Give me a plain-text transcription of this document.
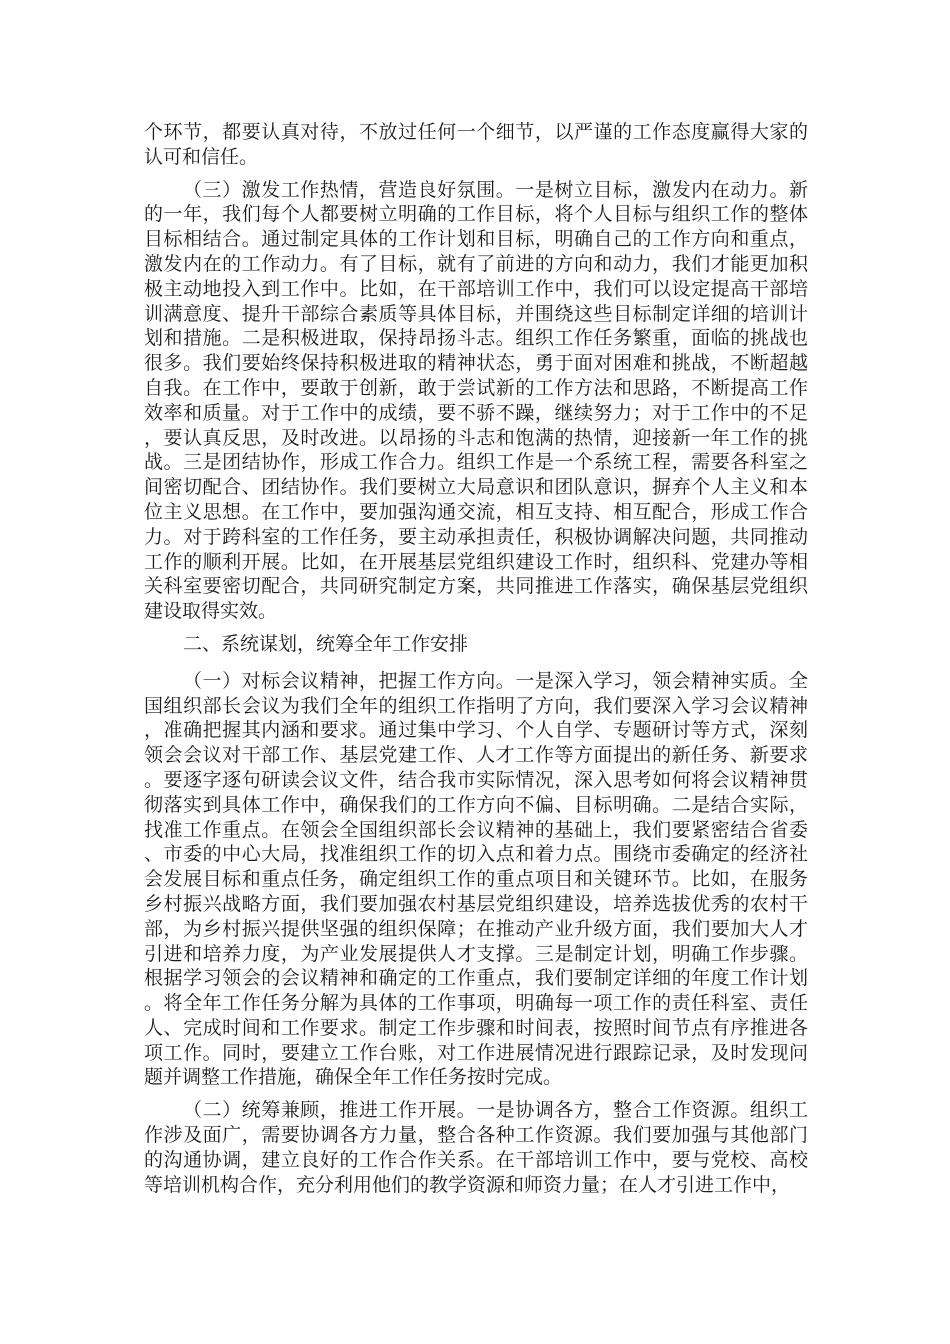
个环节，都要认真对待，不放过任何一个细节，以严谨的工作态度赢得大家的认可和信任。

（三）激发工作热情，营造良好氛围。一是树立目标，激发内在动力。新的一年，我们每个人都要树立明确的工作目标，将个人目标与组织工作的整体目标相结合。通过制定具体的工作计划和目标，明确自己的工作方向和重点，激发内在的工作动力。有了目标，就有了前进的方向和动力，我们才能更加积极主动地投入到工作中。比如，在干部培训工作中，我们可以设定提高干部培训满意度、提升干部综合素质等具体目标，并围绕这些目标制定详细的培训计划和措施。二是积极进取，保持昂扬斗志。组织工作任务繁重，面临的挑战也很多。我们要始终保持积极进取的精神状态，勇于面对困难和挑战，不断超越自我。在工作中，要敢于创新，敢于尝试新的工作方法和思路，不断提高工作效率和质量。对于工作中的成绩，要不骄不躁，继续努力；对于工作中的不足，要认真反思，及时改进。以昂扬的斗志和饱满的热情，迎接新一年工作的挑战。三是团结协作，形成工作合力。组织工作是一个系统工程，需要各科室之间密切配合、团结协作。我们要树立大局意识和团队意识，摒弃个人主义和本位主义思想。在工作中，要加强沟通交流，相互支持、相互配合，形成工作合力。对于跨科室的工作任务，要主动承担责任，积极协调解决问题，共同推动工作的顺利开展。比如，在开展基层党组织建设工作时，组织科、党建办等相关科室要密切配合，共同研究制定方案，共同推进工作落实，确保基层党组织建设取得实效。

二、系统谋划，统筹全年工作安排

（一）对标会议精神，把握工作方向。一是深入学习，领会精神实质。全国组织部长会议为我们全年的组织工作指明了方向，我们要深入学习会议精神，准确把握其内涵和要求。通过集中学习、个人自学、专题研讨等方式，深刻领会会议对干部工作、基层党建工作、人才工作等方面提出的新任务、新要求。要逐字逐句研读会议文件，结合我市实际情况，深入思考如何将会议精神贯彻落实到具体工作中，确保我们的工作方向不偏、目标明确。二是结合实际，找准工作重点。在领会全国组织部长会议精神的基础上，我们要紧密结合省委、市委的中心大局，找准组织工作的切入点和着力点。围绕市委确定的经济社会发展目标和重点任务，确定组织工作的重点项目和关键环节。比如，在服务乡村振兴战略方面，我们要加强农村基层党组织建设，培养选拔优秀的农村干部，为乡村振兴提供坚强的组织保障；在推动产业升级方面，我们要加大人才引进和培养力度，为产业发展提供人才支撑。三是制定计划，明确工作步骤。根据学习领会的会议精神和确定的工作重点，我们要制定详细的年度工作计划。将全年工作任务分解为具体的工作事项，明确每一项工作的责任科室、责任人、完成时间和工作要求。制定工作步骤和时间表，按照时间节点有序推进各项工作。同时，要建立工作台账，对工作进展情况进行跟踪记录，及时发现问题并调整工作措施，确保全年工作任务按时完成。

（二）统筹兼顾，推进工作开展。一是协调各方，整合工作资源。组织工作涉及面广，需要协调各方力量，整合各种工作资源。我们要加强与其他部门的沟通协调，建立良好的工作合作关系。在干部培训工作中，要与党校、高校等培训机构合作，充分利用他们的教学资源和师资力量；在人才引进工作中，
